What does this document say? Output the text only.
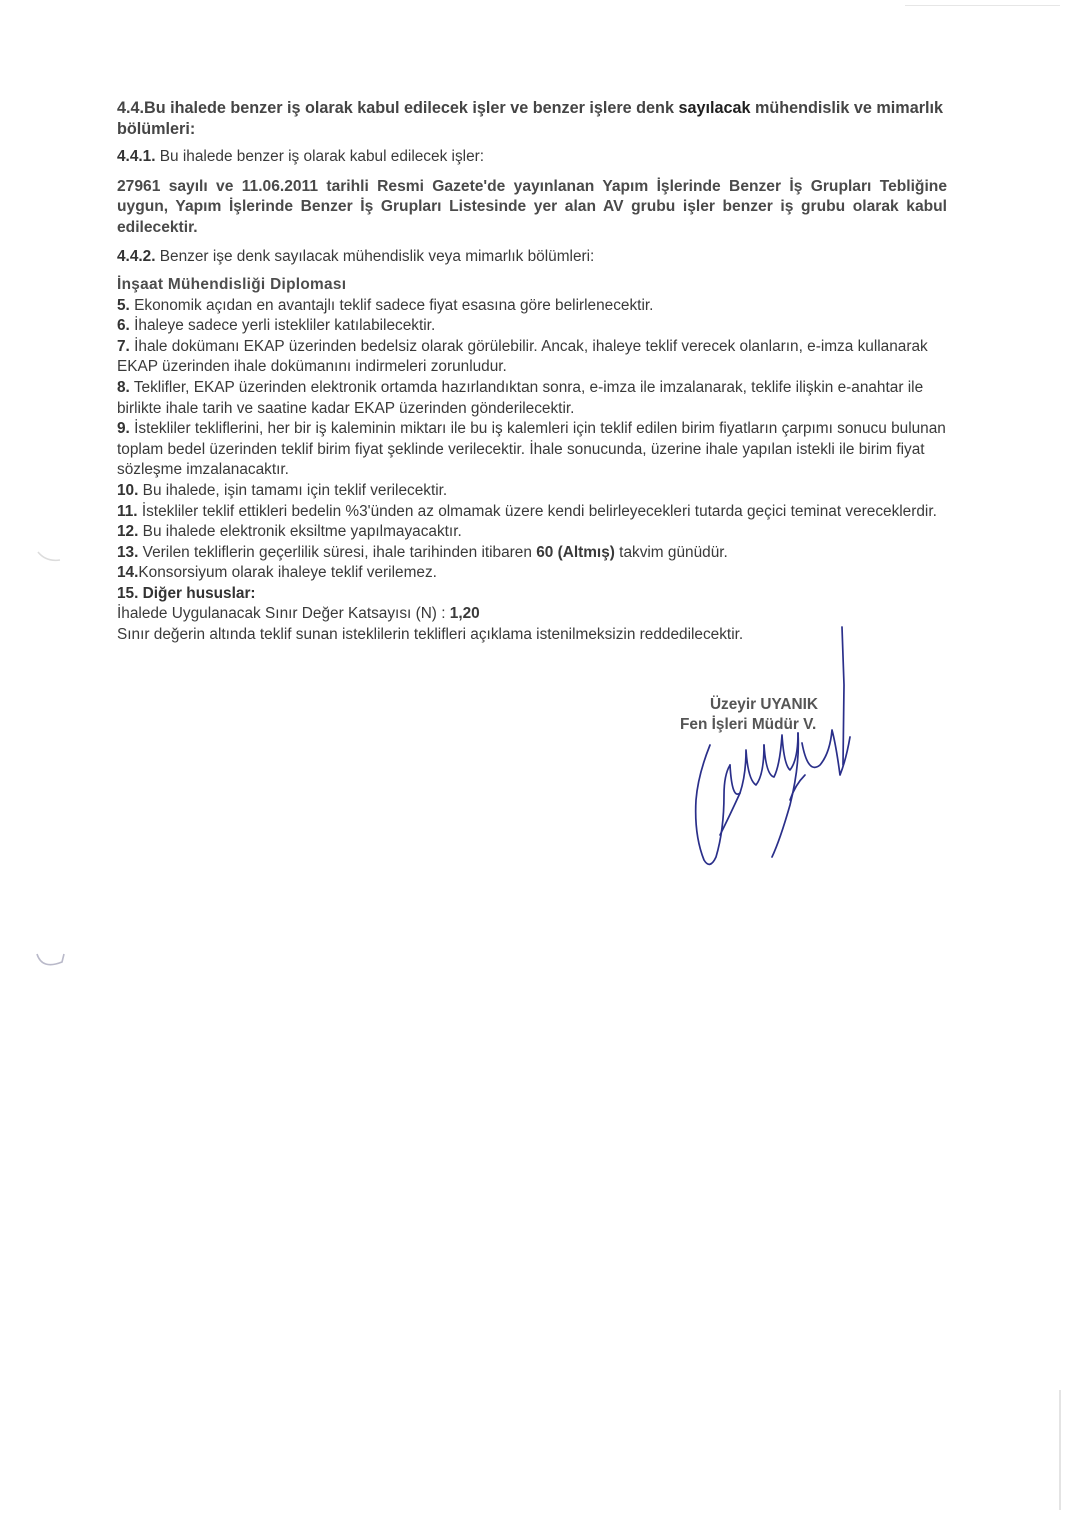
4.4.Bu ihalede benzer iş olarak kabul edilecek işler ve benzer işlere denk sayılacak mühendislik ve mimarlık bölümleri:

4.4.1. Bu ihalede benzer iş olarak kabul edilecek işler:

27961 sayılı ve 11.06.2011 tarihli Resmi Gazete'de yayınlanan Yapım İşlerinde Benzer İş Grupları Tebliğine uygun, Yapım İşlerinde Benzer İş Grupları Listesinde yer alan AV grubu işler benzer iş grubu olarak kabul edilecektir.

4.4.2. Benzer işe denk sayılacak mühendislik veya mimarlık bölümleri:

İnşaat Mühendisliği Diploması

5. Ekonomik açıdan en avantajlı teklif sadece fiyat esasına göre belirlenecektir.

6. İhaleye sadece yerli istekliler katılabilecektir.

7. İhale dokümanı EKAP üzerinden bedelsiz olarak görülebilir. Ancak, ihaleye teklif verecek olanların, e-imza kullanarak EKAP üzerinden ihale dokümanını indirmeleri zorunludur.

8. Teklifler, EKAP üzerinden elektronik ortamda hazırlandıktan sonra, e-imza ile imzalanarak, teklife ilişkin e-anahtar ile birlikte ihale tarih ve saatine kadar EKAP üzerinden gönderilecektir.

9. İstekliler tekliflerini, her bir iş kaleminin miktarı ile bu iş kalemleri için teklif edilen birim fiyatların çarpımı sonucu bulunan toplam bedel üzerinden teklif birim fiyat şeklinde verilecektir. İhale sonucunda, üzerine ihale yapılan istekli ile birim fiyat sözleşme imzalanacaktır.

10. Bu ihalede, işin tamamı için teklif verilecektir.

11. İstekliler teklif ettikleri bedelin %3'ünden az olmamak üzere kendi belirleyecekleri tutarda geçici teminat vereceklerdir.

12. Bu ihalede elektronik eksiltme yapılmayacaktır.

13. Verilen tekliflerin geçerlilik süresi, ihale tarihinden itibaren 60 (Altmış) takvim günüdür.

14.Konsorsiyum olarak ihaleye teklif verilemez.

15. Diğer hususlar:

İhalede Uygulanacak Sınır Değer Katsayısı (N) : 1,20

Sınır değerin altında teklif sunan isteklilerin teklifleri açıklama istenilmeksizin reddedilecektir.

Üzeyir UYANIK
Fen İşleri Müdür V.
